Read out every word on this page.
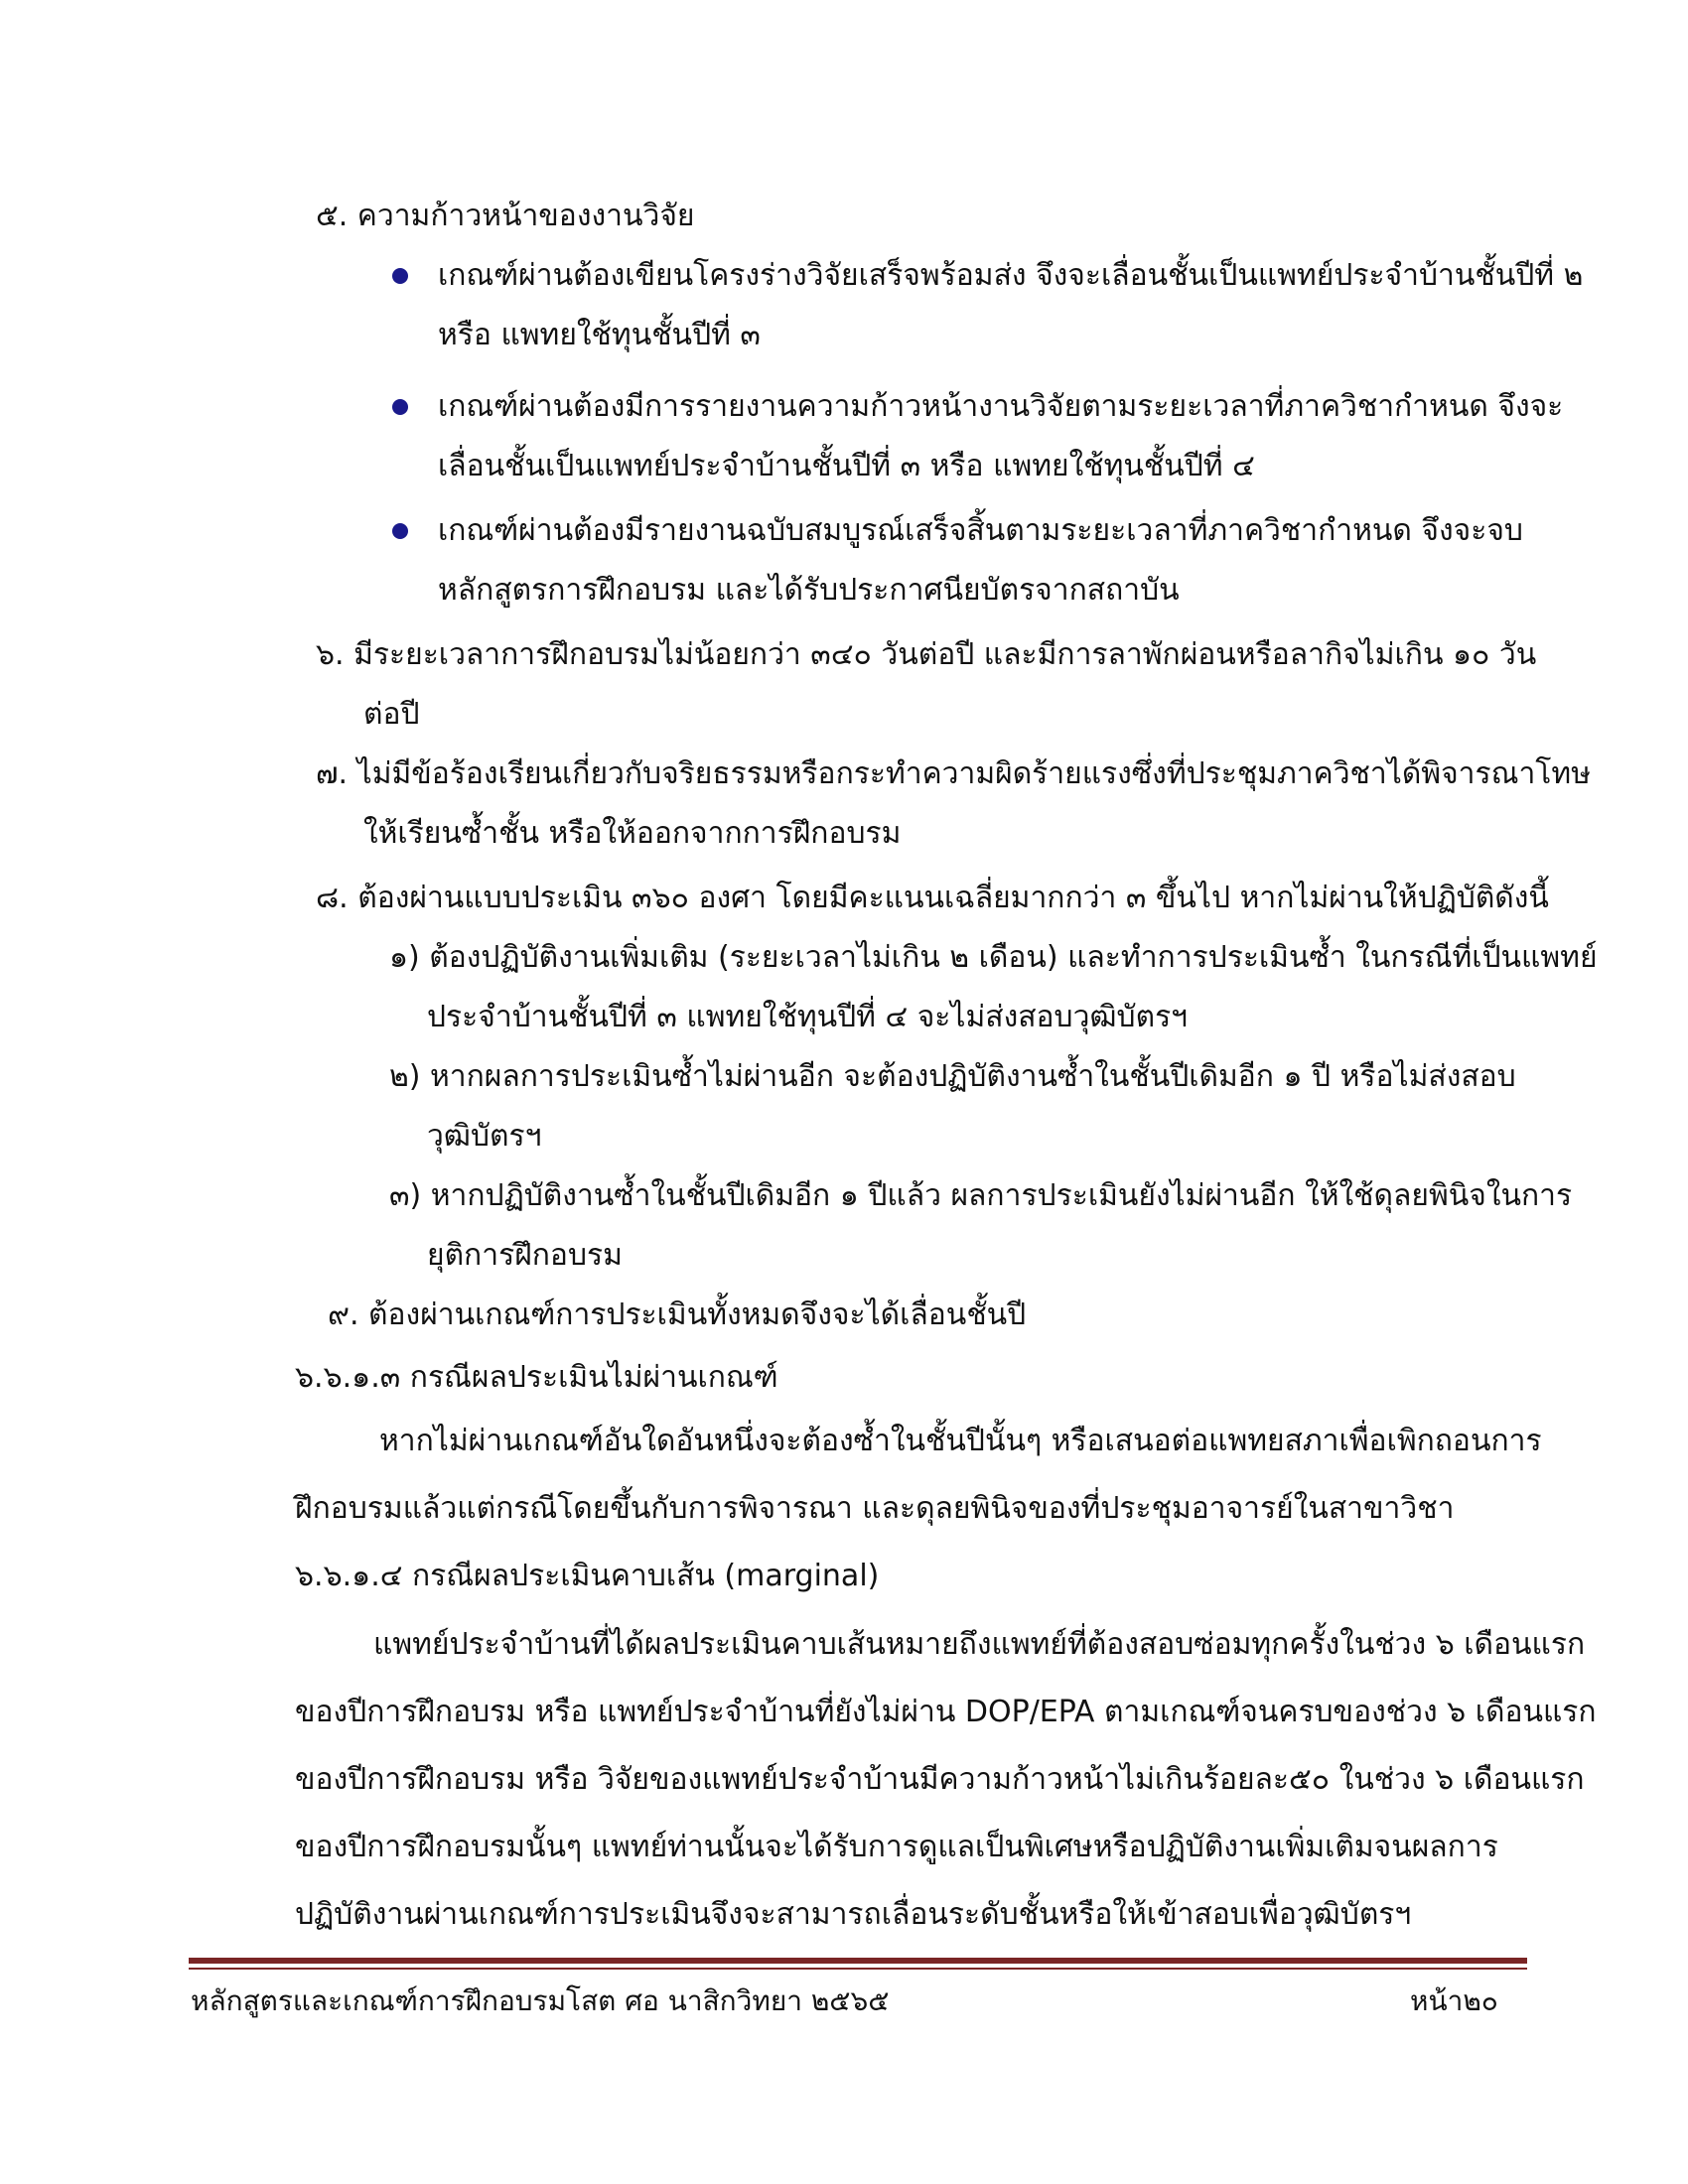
๕. ความก้าวหน้าของงานวิจัย
เกณฑ์ผ่านต้องเขียนโครงร่างวิจัยเสร็จพร้อมส่ง จึงจะเลื่อนชั้นเป็นแพทย์ประจำบ้านชั้นปีที่ ๒
หรือ แพทยใช้ทุนชั้นปีที่ ๓
เกณฑ์ผ่านต้องมีการรายงานความก้าวหน้างานวิจัยตามระยะเวลาที่ภาควิชากำหนด จึงจะ
เลื่อนชั้นเป็นแพทย์ประจำบ้านชั้นปีที่ ๓ หรือ แพทยใช้ทุนชั้นปีที่ ๔
เกณฑ์ผ่านต้องมีรายงานฉบับสมบูรณ์เสร็จสิ้นตามระยะเวลาที่ภาควิชากำหนด จึงจะจบ
หลักสูตรการฝึกอบรม และได้รับประกาศนียบัตรจากสถาบัน
๖. มีระยะเวลาการฝึกอบรมไม่น้อยกว่า ๓๔๐ วันต่อปี และมีการลาพักผ่อนหรือลากิจไม่เกิน ๑๐ วัน
ต่อปี
๗. ไม่มีข้อร้องเรียนเกี่ยวกับจริยธรรมหรือกระทำความผิดร้ายแรงซึ่งที่ประชุมภาควิชาได้พิจารณาโทษ
ให้เรียนซ้ำชั้น หรือให้ออกจากการฝึกอบรม
๘. ต้องผ่านแบบประเมิน ๓๖๐ องศา โดยมีคะแนนเฉลี่ยมากกว่า ๓ ขึ้นไป หากไม่ผ่านให้ปฏิบัติดังนี้
๑) ต้องปฏิบัติงานเพิ่มเติม (ระยะเวลาไม่เกิน ๒ เดือน) และทำการประเมินซ้ำ ในกรณีที่เป็นแพทย์
ประจำบ้านชั้นปีที่ ๓ แพทยใช้ทุนปีที่ ๔ จะไม่ส่งสอบวุฒิบัตรฯ
๒) หากผลการประเมินซ้ำไม่ผ่านอีก จะต้องปฏิบัติงานซ้ำในชั้นปีเดิมอีก ๑ ปี หรือไม่ส่งสอบ
วุฒิบัตรฯ
๓) หากปฏิบัติงานซ้ำในชั้นปีเดิมอีก ๑ ปีแล้ว ผลการประเมินยังไม่ผ่านอีก ให้ใช้ดุลยพินิจในการ
ยุติการฝึกอบรม
๙. ต้องผ่านเกณฑ์การประเมินทั้งหมดจึงจะได้เลื่อนชั้นปี
๖.๖.๑.๓ กรณีผลประเมินไม่ผ่านเกณฑ์
หากไม่ผ่านเกณฑ์อันใดอันหนึ่งจะต้องซ้ำในชั้นปีนั้นๆ หรือเสนอต่อแพทยสภาเพื่อเพิกถอนการ
ฝึกอบรมแล้วแต่กรณีโดยขึ้นกับการพิจารณา และดุลยพินิจของที่ประชุมอาจารย์ในสาขาวิชา
๖.๖.๑.๔ กรณีผลประเมินคาบเส้น (marginal)
แพทย์ประจำบ้านที่ได้ผลประเมินคาบเส้นหมายถึงแพทย์ที่ต้องสอบซ่อมทุกครั้งในช่วง ๖ เดือนแรก
ของปีการฝึกอบรม หรือ แพทย์ประจำบ้านที่ยังไม่ผ่าน DOP/EPA ตามเกณฑ์จนครบของช่วง ๖ เดือนแรก
ของปีการฝึกอบรม หรือ วิจัยของแพทย์ประจำบ้านมีความก้าวหน้าไม่เกินร้อยละ๕๐ ในช่วง ๖ เดือนแรก
ของปีการฝึกอบรมนั้นๆ แพทย์ท่านนั้นจะได้รับการดูแลเป็นพิเศษหรือปฏิบัติงานเพิ่มเติมจนผลการ
ปฏิบัติงานผ่านเกณฑ์การประเมินจึงจะสามารถเลื่อนระดับชั้นหรือให้เข้าสอบเพื่อวุฒิบัตรฯ
หลักสูตรและเกณฑ์การฝึกอบรมโสต ศอ นาสิกวิทยา ๒๕๖๕	หน้า๒๐
